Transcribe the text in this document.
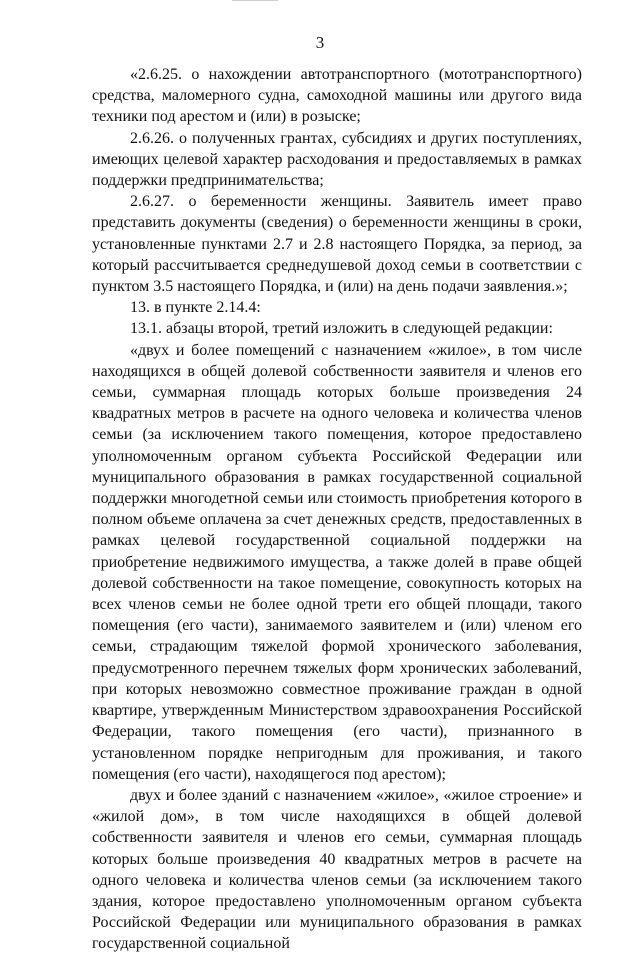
3

«2.6.25. о нахождении автотранспортного (мототранспортного) средства, маломерного судна, самоходной машины или другого вида техники под арестом и (или) в розыске;

2.6.26. о полученных грантах, субсидиях и других поступлениях, имеющих целевой характер расходования и предоставляемых в рамках поддержки предпринимательства;

2.6.27. о беременности женщины. Заявитель имеет право представить документы (сведения) о беременности женщины в сроки, установленные пунктами 2.7 и 2.8 настоящего Порядка, за период, за который рассчитывается среднедушевой доход семьи в соответствии с пунктом 3.5 настоящего Порядка, и (или) на день подачи заявления.»;

13. в пункте 2.14.4:

13.1. абзацы второй, третий изложить в следующей редакции:

«двух и более помещений с назначением «жилое», в том числе находящихся в общей долевой собственности заявителя и членов его семьи, суммарная площадь которых больше произведения 24 квадратных метров в расчете на одного человека и количества членов семьи (за исключением такого помещения, которое предоставлено уполномоченным органом субъекта Российской Федерации или муниципального образования в рамках государственной социальной поддержки многодетной семьи или стоимость приобретения которого в полном объеме оплачена за счет денежных средств, предоставленных в рамках целевой государственной социальной поддержки на приобретение недвижимого имущества, а также долей в праве общей долевой собственности на такое помещение, совокупность которых на всех членов семьи не более одной трети его общей площади, такого помещения (его части), занимаемого заявителем и (или) членом его семьи, страдающим тяжелой формой хронического заболевания, предусмотренного перечнем тяжелых форм хронических заболеваний, при которых невозможно совместное проживание граждан в одной квартире, утвержденным Министерством здравоохранения Российской Федерации, такого помещения (его части), признанного в установленном порядке непригодным для проживания, и такого помещения (его части), находящегося под арестом);

двух и более зданий с назначением «жилое», «жилое строение» и «жилой дом», в том числе находящихся в общей долевой собственности заявителя и членов его семьи, суммарная площадь которых больше произведения 40 квадратных метров в расчете на одного человека и количества членов семьи (за исключением такого здания, которое предоставлено уполномоченным органом субъекта Российской Федерации или муниципального образования в рамках государственной социальной
